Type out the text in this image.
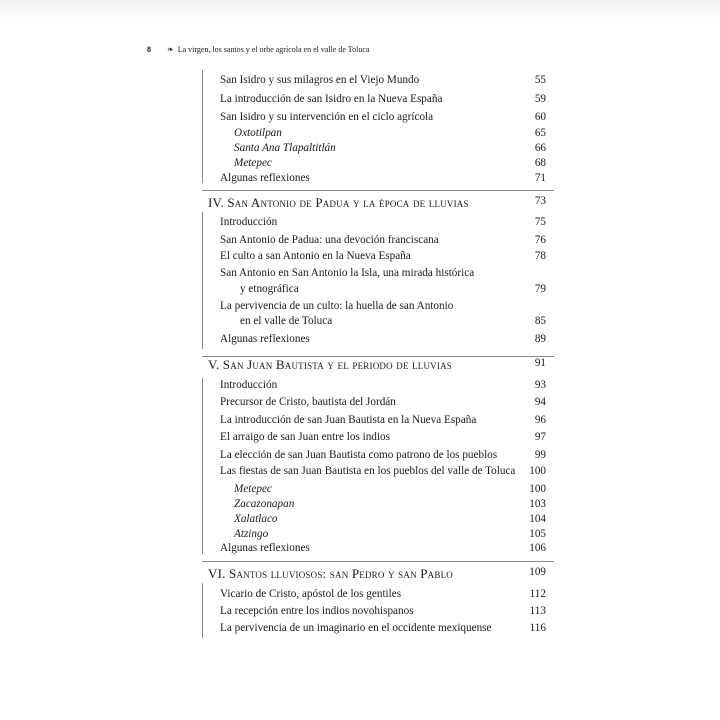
8 ❧ La virgen, los santos y el orbe agrícola en el valle de Toluca
San Isidro y sus milagros en el Viejo Mundo	55
La introducción de san Isidro en la Nueva España	59
San Isidro y su intervención en el ciclo agrícola	60
Oxtotilpan	65
Santa Ana Tlapaltitlán	66
Metepec	68
Algunas reflexiones	71
IV. San Antonio de Padua y la época de lluvias	73
Introducción	75
San Antonio de Padua: una devoción franciscana	76
El culto a san Antonio en la Nueva España	78
San Antonio en San Antonio la Isla, una mirada histórica
y etnográfica	79
La pervivencia de un culto: la huella de san Antonio
en el valle de Toluca	85
Algunas reflexiones	89
V. San Juan Bautista y el periodo de lluvias	91
Introducción	93
Precursor de Cristo, bautista del Jordán	94
La introducción de san Juan Bautista en la Nueva España	96
El arraigo de san Juan entre los indios	97
La elección de san Juan Bautista como patrono de los pueblos	99
Las fiestas de san Juan Bautista en los pueblos del valle de Toluca 100
Metepec	100
Zacazonapan	103
Xalatlaco	104
Atzingo	105
Algunas reflexiones	106
VI. Santos lluviosos: san Pedro y san Pablo	109
Vicario de Cristo, apóstol de los gentiles	112
La recepción entre los indios novohispanos	113
La pervivencia de un imaginario en el occidente mexiquense	116
